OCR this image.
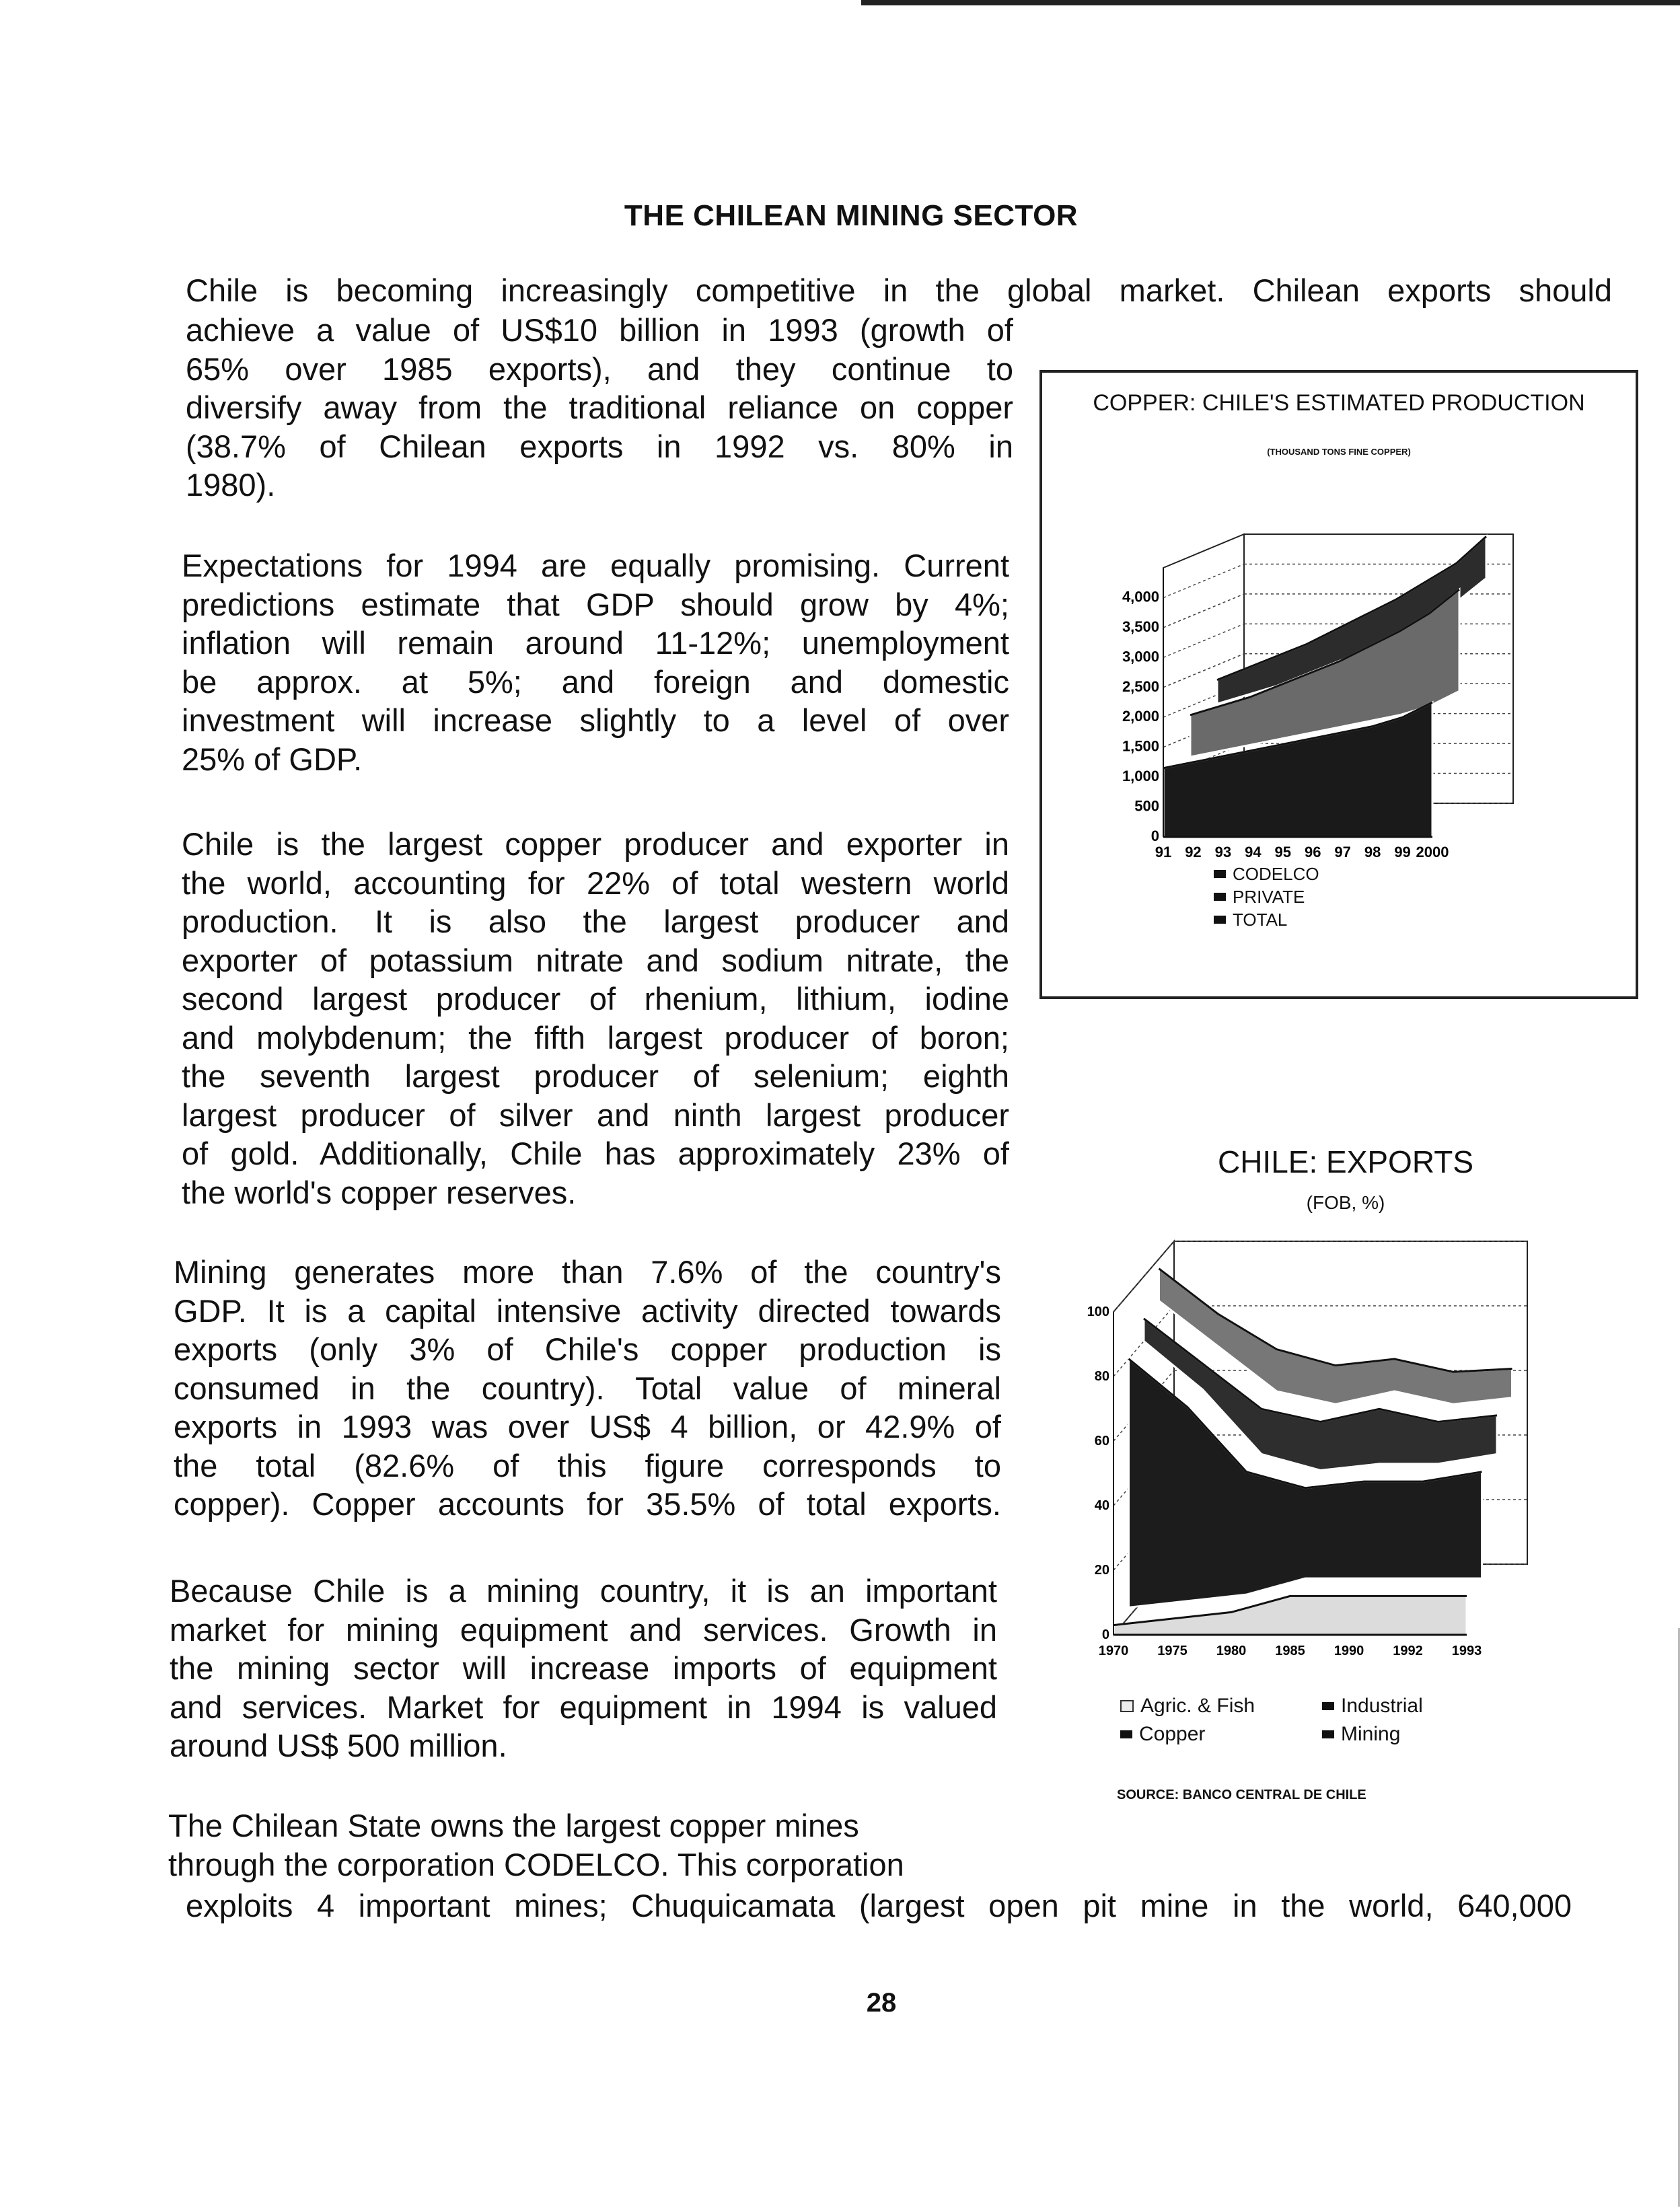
THE CHILEAN MINING SECTOR
Chile is becoming increasingly competitive in the global market. Chilean exports should
achieve a value of US$10 billion in 1993 (growth of
65% over 1985 exports), and they continue to
diversify away from the traditional reliance on copper
(38.7% of Chilean exports in 1992 vs. 80% in
1980).
Expectations for 1994 are equally promising. Current
predictions estimate that GDP should grow by 4%;
inflation will remain around 11-12%; unemployment
be approx. at 5%; and foreign and domestic
investment will increase slightly to a level of over
25% of GDP.
Chile is the largest copper producer and exporter in
the world, accounting for 22% of total western world
production. It is also the largest producer and
exporter of potassium nitrate and sodium nitrate, the
second largest producer of rhenium, lithium, iodine
and molybdenum; the fifth largest producer of boron;
the seventh largest producer of selenium; eighth
largest producer of silver and ninth largest producer
of gold. Additionally, Chile has approximately 23% of
the world's copper reserves.
Mining generates more than 7.6% of the country's
GDP. It is a capital intensive activity directed towards
exports (only 3% of Chile's copper production is
consumed in the country). Total value of mineral
exports in 1993 was over US$ 4 billion, or 42.9% of
the total (82.6% of this figure corresponds to
copper). Copper accounts for 35.5% of total exports.
Because Chile is a mining country, it is an important
market for mining equipment and services. Growth in
the mining sector will increase imports of equipment
and services. Market for equipment in 1994 is valued
around US$ 500 million.
The Chilean State owns the largest copper mines
through the corporation CODELCO. This corporation
exploits 4 important mines; Chuquicamata (largest open pit mine in the world, 640,000
28
COPPER: CHILE'S ESTIMATED PRODUCTION
(THOUSAND TONS FINE COPPER)
0
500
1,000
1,500
2,000
2,500
3,000
3,500
4,000
91 92 93 94 95 96 97 98 99 2000
CODELCO
PRIVATE
TOTAL
CHILE: EXPORTS
(FOB, %)
0
20
40
60
80
100
1970 1975 1980 1985 1990 1992 1993
Agric. & Fish	Industrial
Copper	Mining
SOURCE: BANCO CENTRAL DE CHILE
